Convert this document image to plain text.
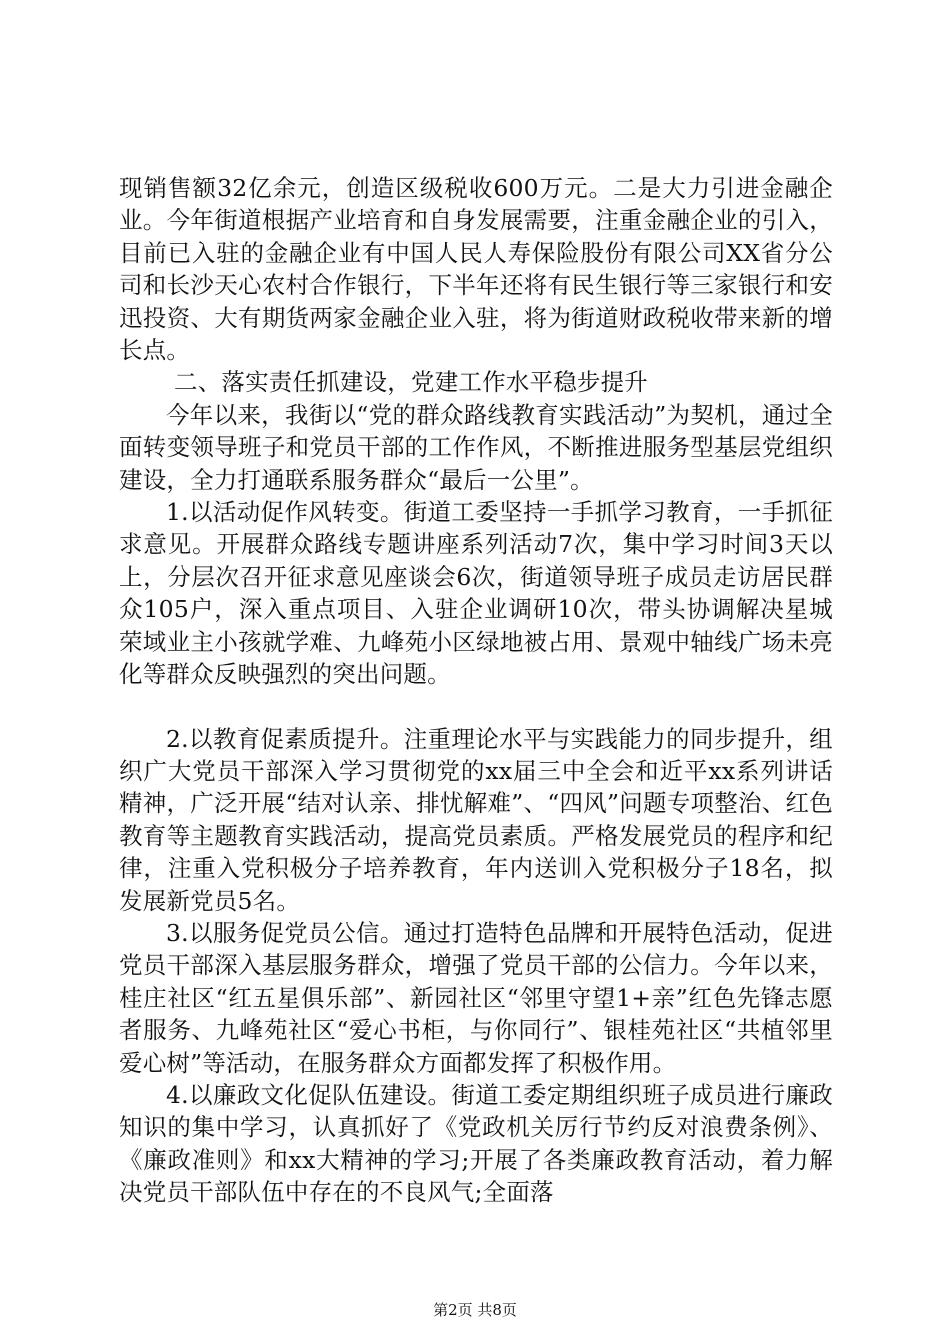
现销售额32亿余元，创造区级税收600万元。二是大力引进金融企业。今年街道根据产业培育和自身发展需要，注重金融企业的引入，目前已入驻的金融企业有中国人民人寿保险股份有限公司XX省分公司和长沙天心农村合作银行，下半年还将有民生银行等三家银行和安迅投资、大有期货两家金融企业入驻，将为街道财政税收带来新的增长点。

二、落实责任抓建设，党建工作水平稳步提升

今年以来，我街以“党的群众路线教育实践活动”为契机，通过全面转变领导班子和党员干部的工作作风，不断推进服务型基层党组织建设，全力打通联系服务群众“最后一公里”。

1.以活动促作风转变。街道工委坚持一手抓学习教育，一手抓征求意见。开展群众路线专题讲座系列活动7次，集中学习时间3天以上，分层次召开征求意见座谈会6次，街道领导班子成员走访居民群众105户，深入重点项目、入驻企业调研10次，带头协调解决星城荣域业主小孩就学难、九峰苑小区绿地被占用、景观中轴线广场未亮化等群众反映强烈的突出问题。

2.以教育促素质提升。注重理论水平与实践能力的同步提升，组织广大党员干部深入学习贯彻党的xx届三中全会和近平xx系列讲话精神，广泛开展“结对认亲、排忧解难”、“四风”问题专项整治、红色教育等主题教育实践活动，提高党员素质。严格发展党员的程序和纪律，注重入党积极分子培养教育，年内送训入党积极分子18名，拟发展新党员5名。

3.以服务促党员公信。通过打造特色品牌和开展特色活动，促进党员干部深入基层服务群众，增强了党员干部的公信力。今年以来，桂庄社区“红五星俱乐部”、新园社区“邻里守望1+亲”红色先锋志愿者服务、九峰苑社区“爱心书柜，与你同行”、银桂苑社区“共植邻里爱心树”等活动，在服务群众方面都发挥了积极作用。

4.以廉政文化促队伍建设。街道工委定期组织班子成员进行廉政知识的集中学习，认真抓好了《党政机关厉行节约反对浪费条例》、《廉政准则》和xx大精神的学习;开展了各类廉政教育活动，着力解决党员干部队伍中存在的不良风气;全面落

第2页 共8页
